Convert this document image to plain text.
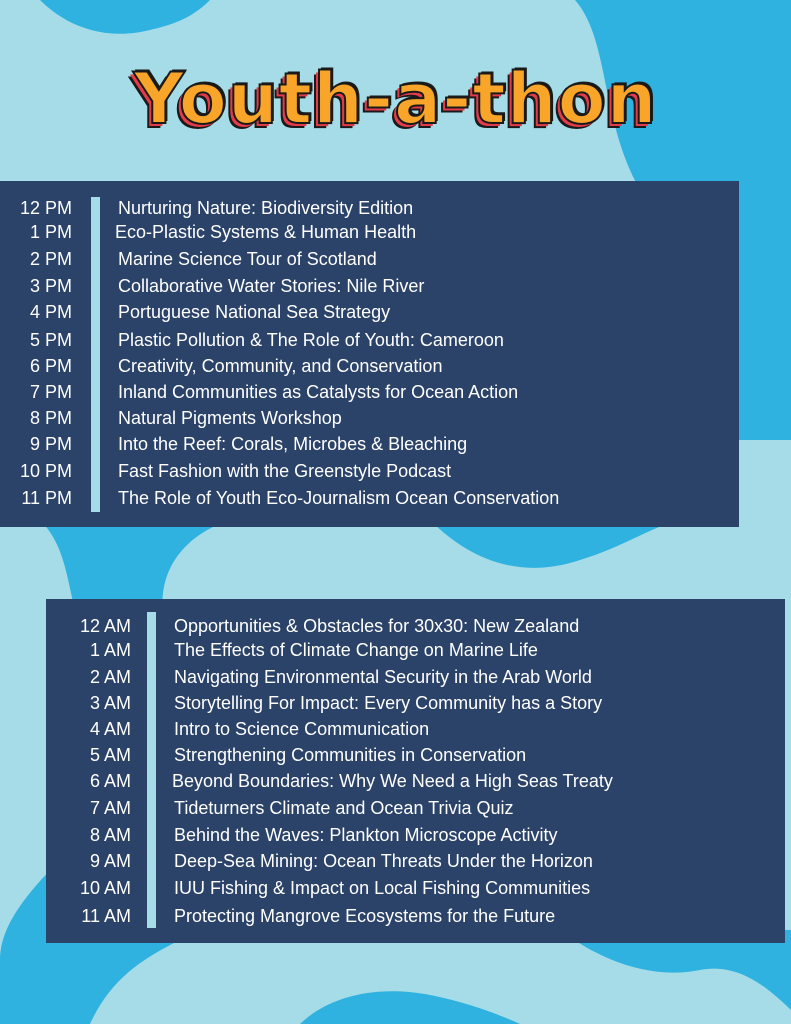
Youth-a-thon
12 PM	Nurturing Nature: Biodiversity Edition
1 PM Eco-Plastic Systems & Human Health
2 PM	Marine Science Tour of Scotland
3 PM	Collaborative Water Stories: Nile River
4 PM	Portuguese National Sea Strategy
5 PM	Plastic Pollution & The Role of Youth: Cameroon
6 PM	Creativity, Community, and Conservation
7 PM	Inland Communities as Catalysts for Ocean Action
8 PM	Natural Pigments Workshop
9 PM	Into the Reef: Corals, Microbes & Bleaching
10 PM	Fast Fashion with the Greenstyle Podcast
11 PM	The Role of Youth Eco-Journalism Ocean Conservation
12 AM Opportunities & Obstacles for 30x30: New Zealand
1 AM The Effects of Climate Change on Marine Life
2 AM Navigating Environmental Security in the Arab World
3 AM Storytelling For Impact: Every Community has a Story
4 AM Intro to Science Communication
5 AM Strengthening Communities in Conservation
6 AM Beyond Boundaries: Why We Need a High Seas Treaty
7 AM Tideturners Climate and Ocean Trivia Quiz
8 AM Behind the Waves: Plankton Microscope Activity
9 AM Deep-Sea Mining: Ocean Threats Under the Horizon
10 AM IUU Fishing & Impact on Local Fishing Communities
11 AM Protecting Mangrove Ecosystems for the Future
